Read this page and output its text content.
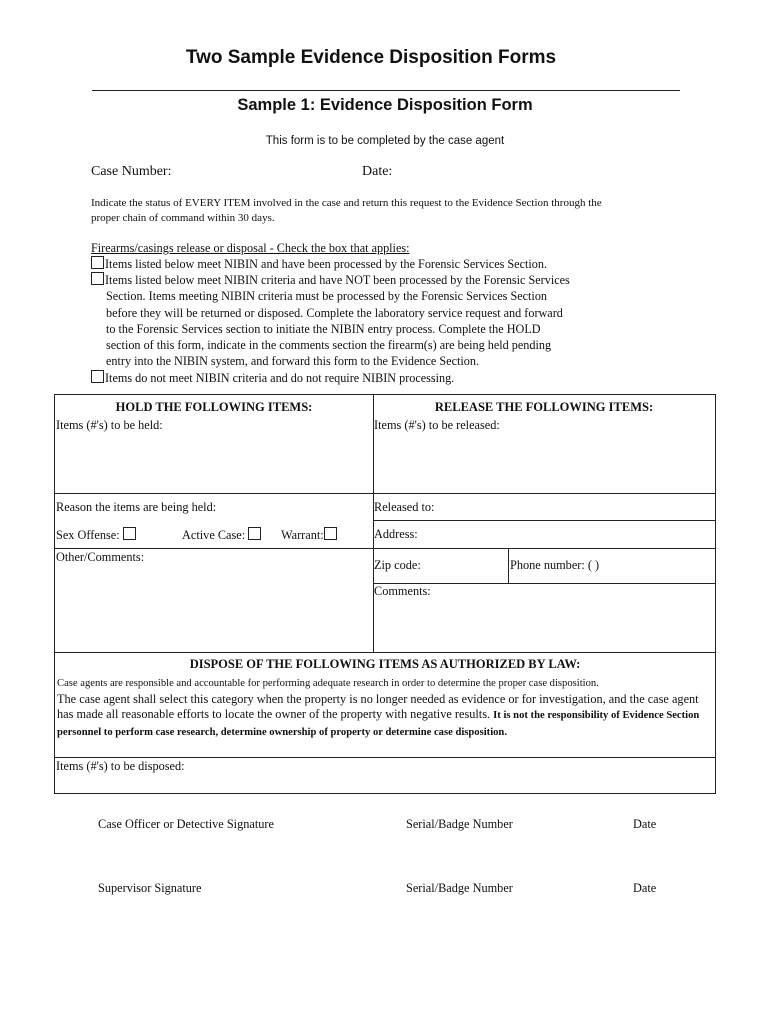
Two Sample Evidence Disposition Forms
Sample 1: Evidence Disposition Form
This form is to be completed by the case agent
Case Number:	Date:
Indicate the status of EVERY ITEM involved in the case and return this request to the Evidence Section through the
proper chain of command within 30 days.
Firearms/casings release or disposal - Check the box that applies:
Items listed below meet NIBIN and have been processed by the Forensic Services Section.
Items listed below meet NIBIN criteria and have NOT been processed by the Forensic Services
Section. Items meeting NIBIN criteria must be processed by the Forensic Services Section
before they will be returned or disposed. Complete the laboratory service request and forward
to the Forensic Services section to initiate the NIBIN entry process. Complete the HOLD
section of this form, indicate in the comments section the firearm(s) are being held pending
entry into the NIBIN system, and forward this form to the Evidence Section.
Items do not meet NIBIN criteria and do not require NIBIN processing.
HOLD THE FOLLOWING ITEMS:
Items (#'s) to be held:
Reason the items are being held:
Sex Offense:	Active Case:	Warrant:
Other/Comments:
RELEASE THE FOLLOWING ITEMS:
Items (#'s) to be released:
Released to:
Address:
Zip code:	Phone number: ( )
Comments:
DISPOSE OF THE FOLLOWING ITEMS AS AUTHORIZED BY LAW:
Case agents are responsible and accountable for performing adequate research in order to determine the proper case disposition.
The case agent shall select this category when the property is no longer needed as evidence or for investigation, and the case agent has made all reasonable efforts to locate the owner of the property with negative results. It is not the responsibility of Evidence Section personnel to perform case research, determine ownership of property or determine case disposition.
Items (#'s) to be disposed:
Case Officer or Detective Signature	Serial/Badge Number	Date
Supervisor Signature	Serial/Badge Number	Date
